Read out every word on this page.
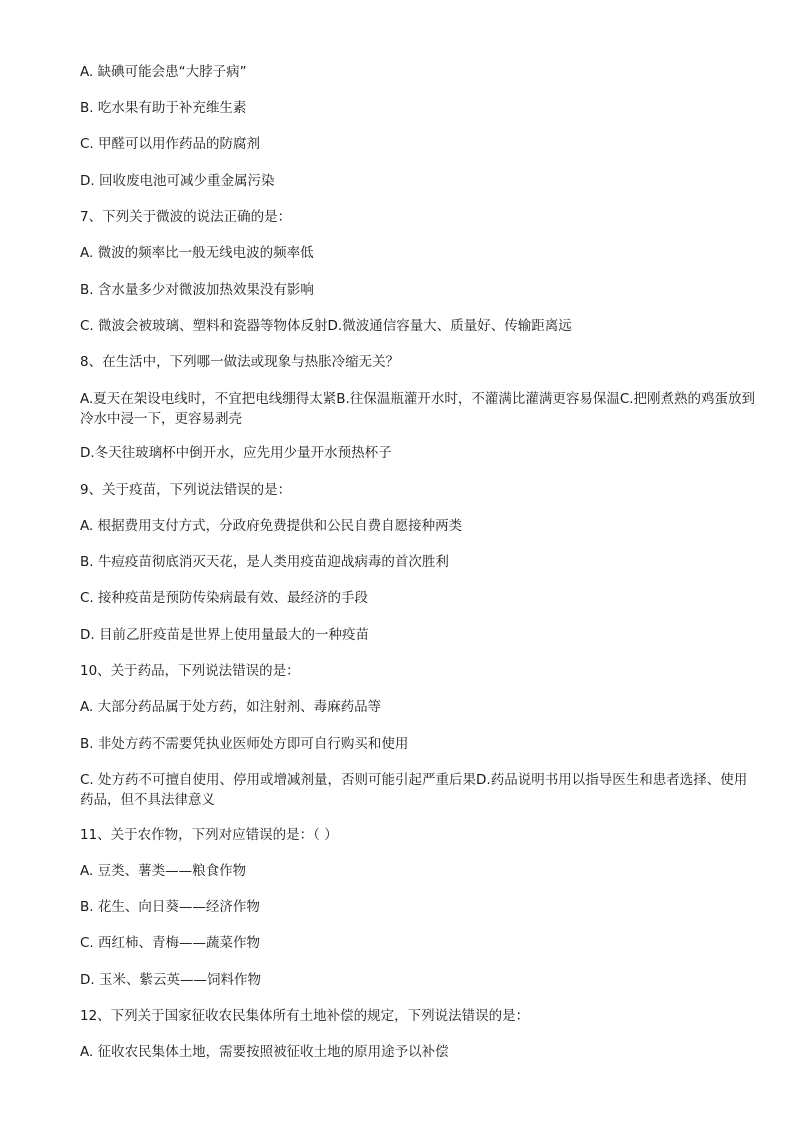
A. 缺碘可能会患“大脖子病”
B. 吃水果有助于补充维生素
C. 甲醛可以用作药品的防腐剂
D. 回收废电池可减少重金属污染
7、下列关于微波的说法正确的是：
A. 微波的频率比一般无线电波的频率低
B. 含水量多少对微波加热效果没有影响
C. 微波会被玻璃、塑料和瓷器等物体反射D.微波通信容量大、质量好、传输距离远
8、在生活中，下列哪一做法或现象与热胀冷缩无关？
A.夏天在架设电线时，不宜把电线绷得太紧B.往保温瓶灌开水时，不灌满比灌满更容易保温C.把刚煮熟的鸡蛋放到冷水中浸一下，更容易剥壳
D.冬天往玻璃杯中倒开水，应先用少量开水预热杯子
9、关于疫苗，下列说法错误的是：
A. 根据费用支付方式，分政府免费提供和公民自费自愿接种两类
B. 牛痘疫苗彻底消灭天花，是人类用疫苗迎战病毒的首次胜利
C. 接种疫苗是预防传染病最有效、最经济的手段
D. 目前乙肝疫苗是世界上使用量最大的一种疫苗
10、关于药品，下列说法错误的是：
A. 大部分药品属于处方药，如注射剂、毒麻药品等
B. 非处方药不需要凭执业医师处方即可自行购买和使用
C. 处方药不可擅自使用、停用或增减剂量，否则可能引起严重后果D.药品说明书用以指导医生和患者选择、使用药品，但不具法律意义
11、关于农作物，下列对应错误的是：（ ）
A. 豆类、薯类——粮食作物
B. 花生、向日葵——经济作物
C. 西红柿、青梅——蔬菜作物
D. 玉米、紫云英——饲料作物
12、下列关于国家征收农民集体所有土地补偿的规定，下列说法错误的是：
A. 征收农民集体土地，需要按照被征收土地的原用途予以补偿
